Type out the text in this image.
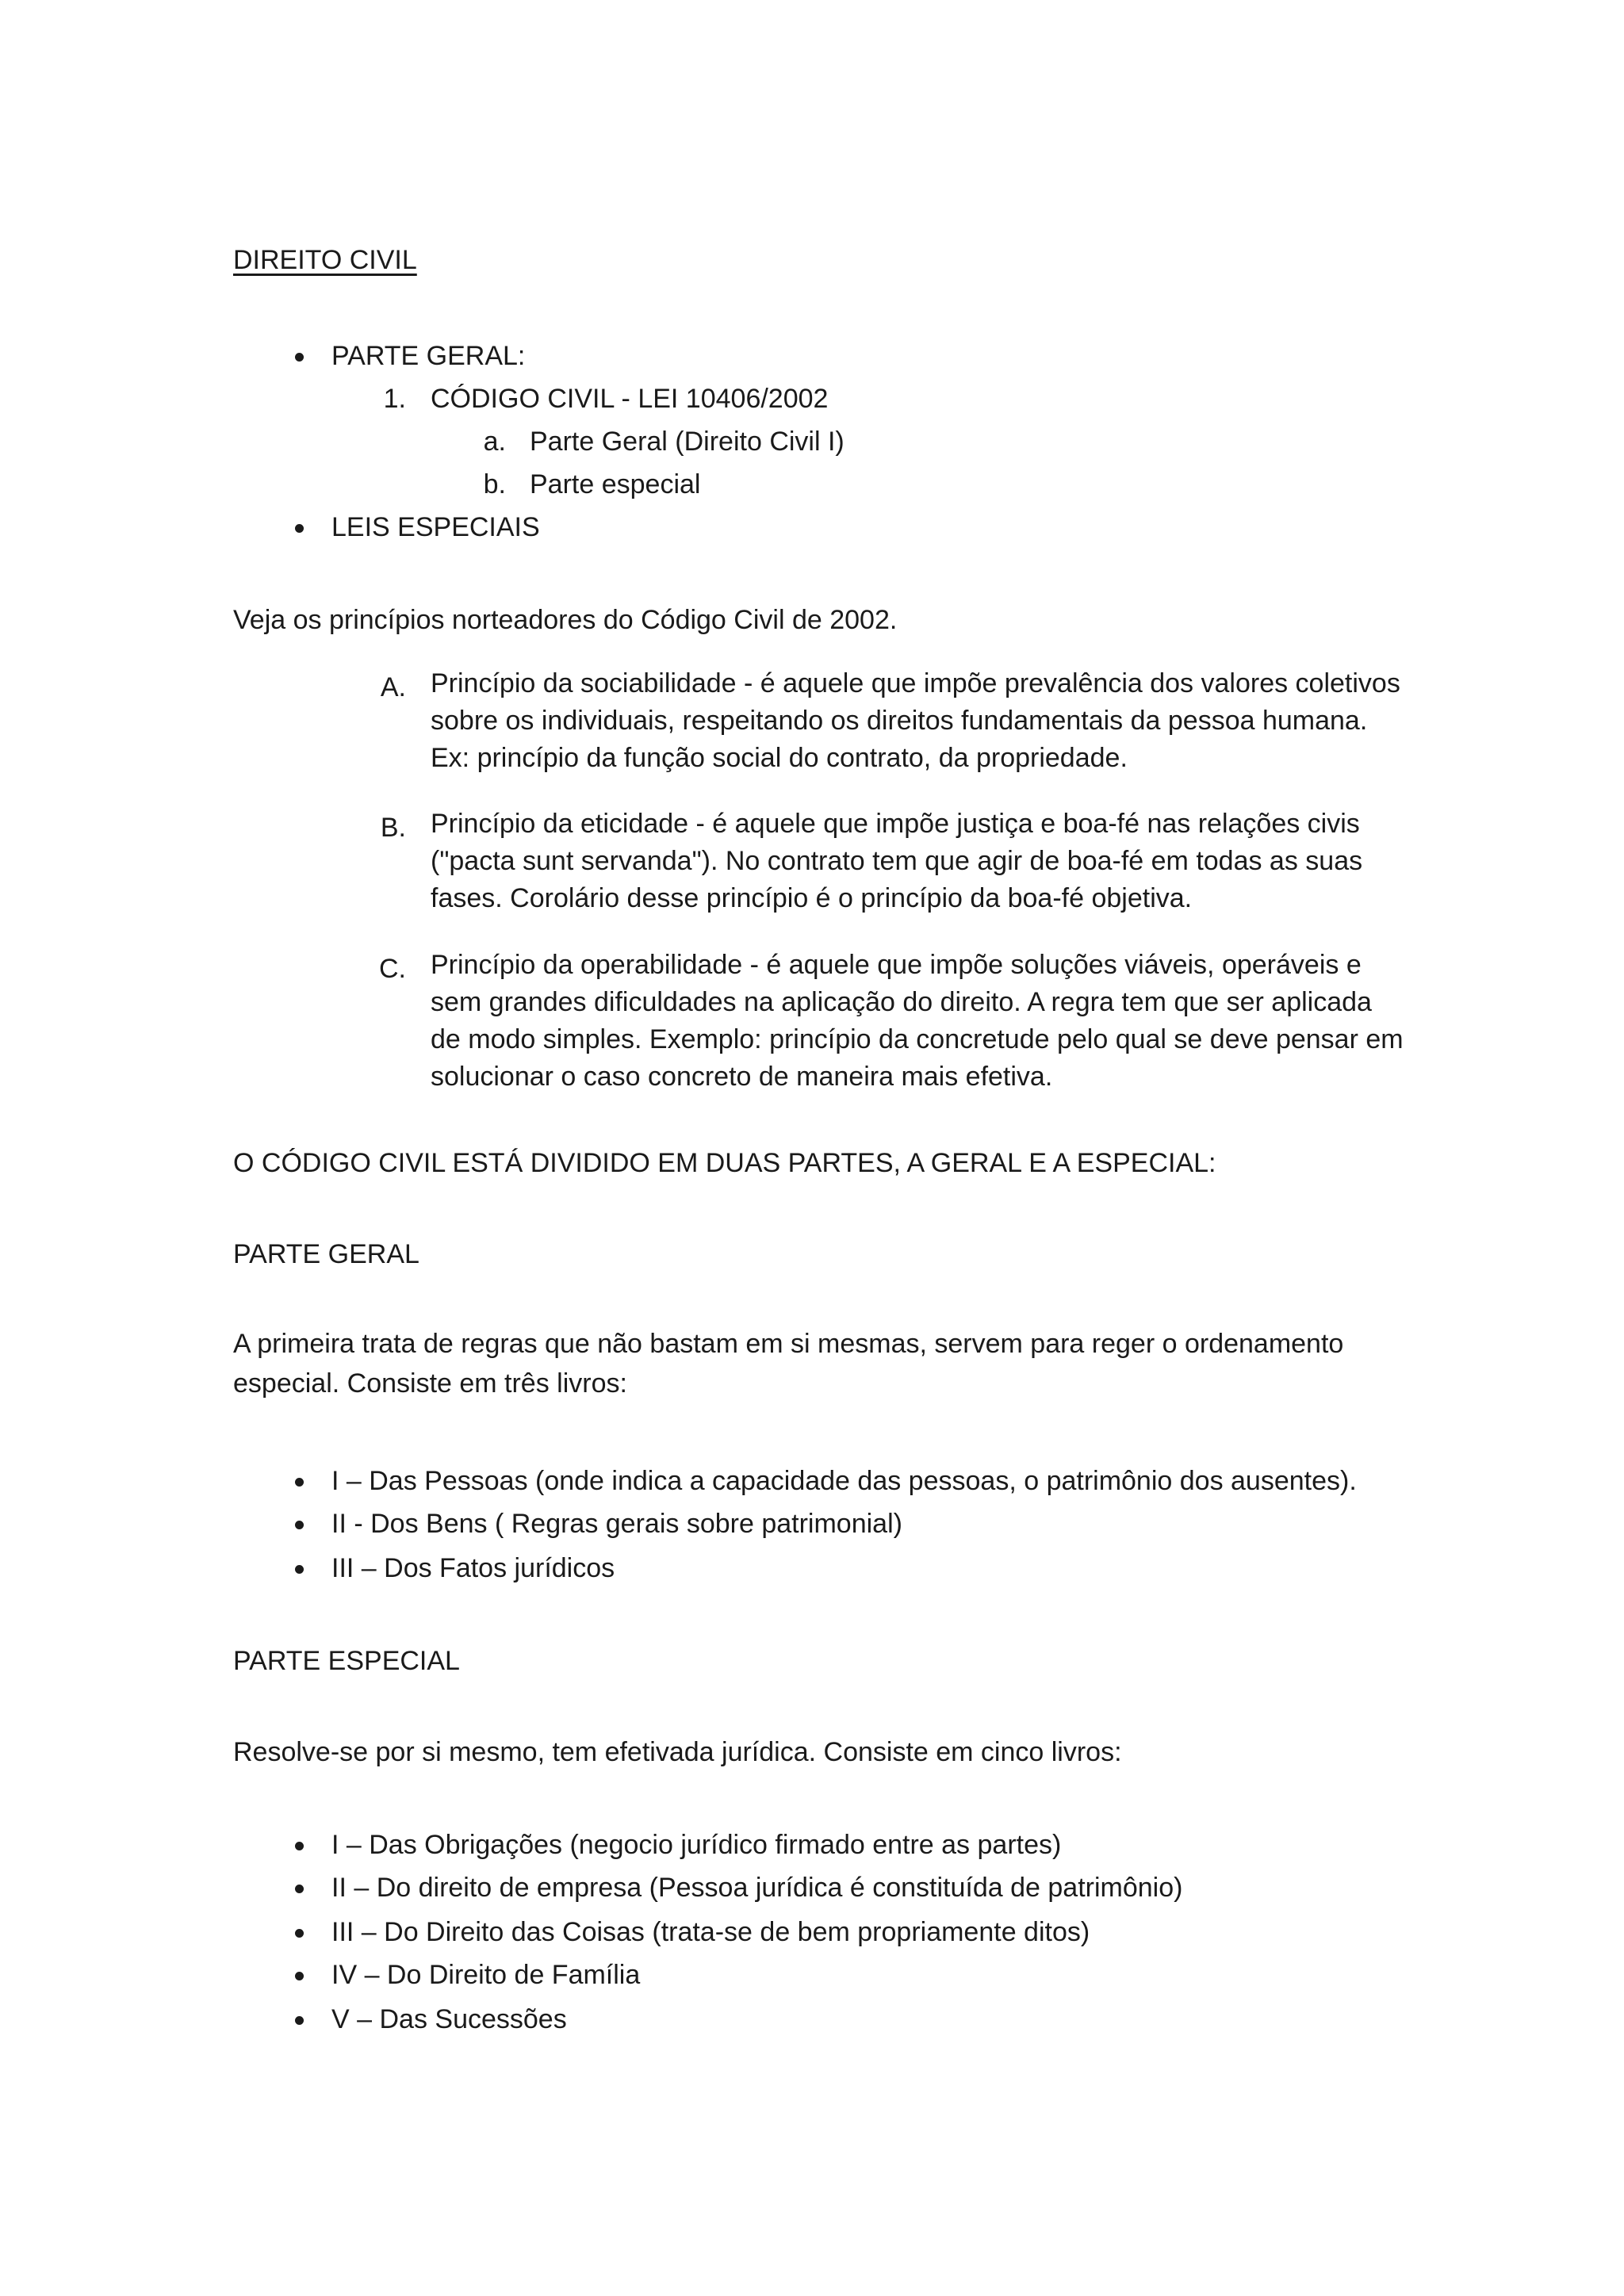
DIREITO CIVIL
PARTE GERAL:
1. CÓDIGO CIVIL - LEI 10406/2002
a. Parte Geral (Direito Civil I)
b. Parte especial
LEIS ESPECIAIS
Veja os princípios norteadores do Código Civil de 2002.
A. Princípio da sociabilidade - é aquele que impõe prevalência dos valores coletivos sobre os individuais, respeitando os direitos fundamentais da pessoa humana. Ex: princípio da função social do contrato, da propriedade.
B. Princípio da eticidade - é aquele que impõe justiça e boa-fé nas relações civis ("pacta sunt servanda"). No contrato tem que agir de boa-fé em todas as suas fases. Corolário desse princípio é o princípio da boa-fé objetiva.
C. Princípio da operabilidade - é aquele que impõe soluções viáveis, operáveis e sem grandes dificuldades na aplicação do direito. A regra tem que ser aplicada de modo simples. Exemplo: princípio da concretude pelo qual se deve pensar em solucionar o caso concreto de maneira mais efetiva.
O CÓDIGO CIVIL ESTÁ DIVIDIDO EM DUAS PARTES, A GERAL E A ESPECIAL:
PARTE GERAL
A primeira trata de regras que não bastam em si mesmas, servem para reger o ordenamento especial. Consiste em três livros:
I – Das Pessoas (onde indica a capacidade das pessoas, o patrimônio dos ausentes).
II - Dos Bens ( Regras gerais sobre patrimonial)
III – Dos Fatos jurídicos
PARTE ESPECIAL
Resolve-se por si mesmo, tem efetivada jurídica. Consiste em cinco livros:
I – Das Obrigações (negocio jurídico firmado entre as partes)
II – Do direito de empresa (Pessoa jurídica é constituída de patrimônio)
III – Do Direito das Coisas (trata-se de bem propriamente ditos)
IV – Do Direito de Família
V – Das Sucessões
